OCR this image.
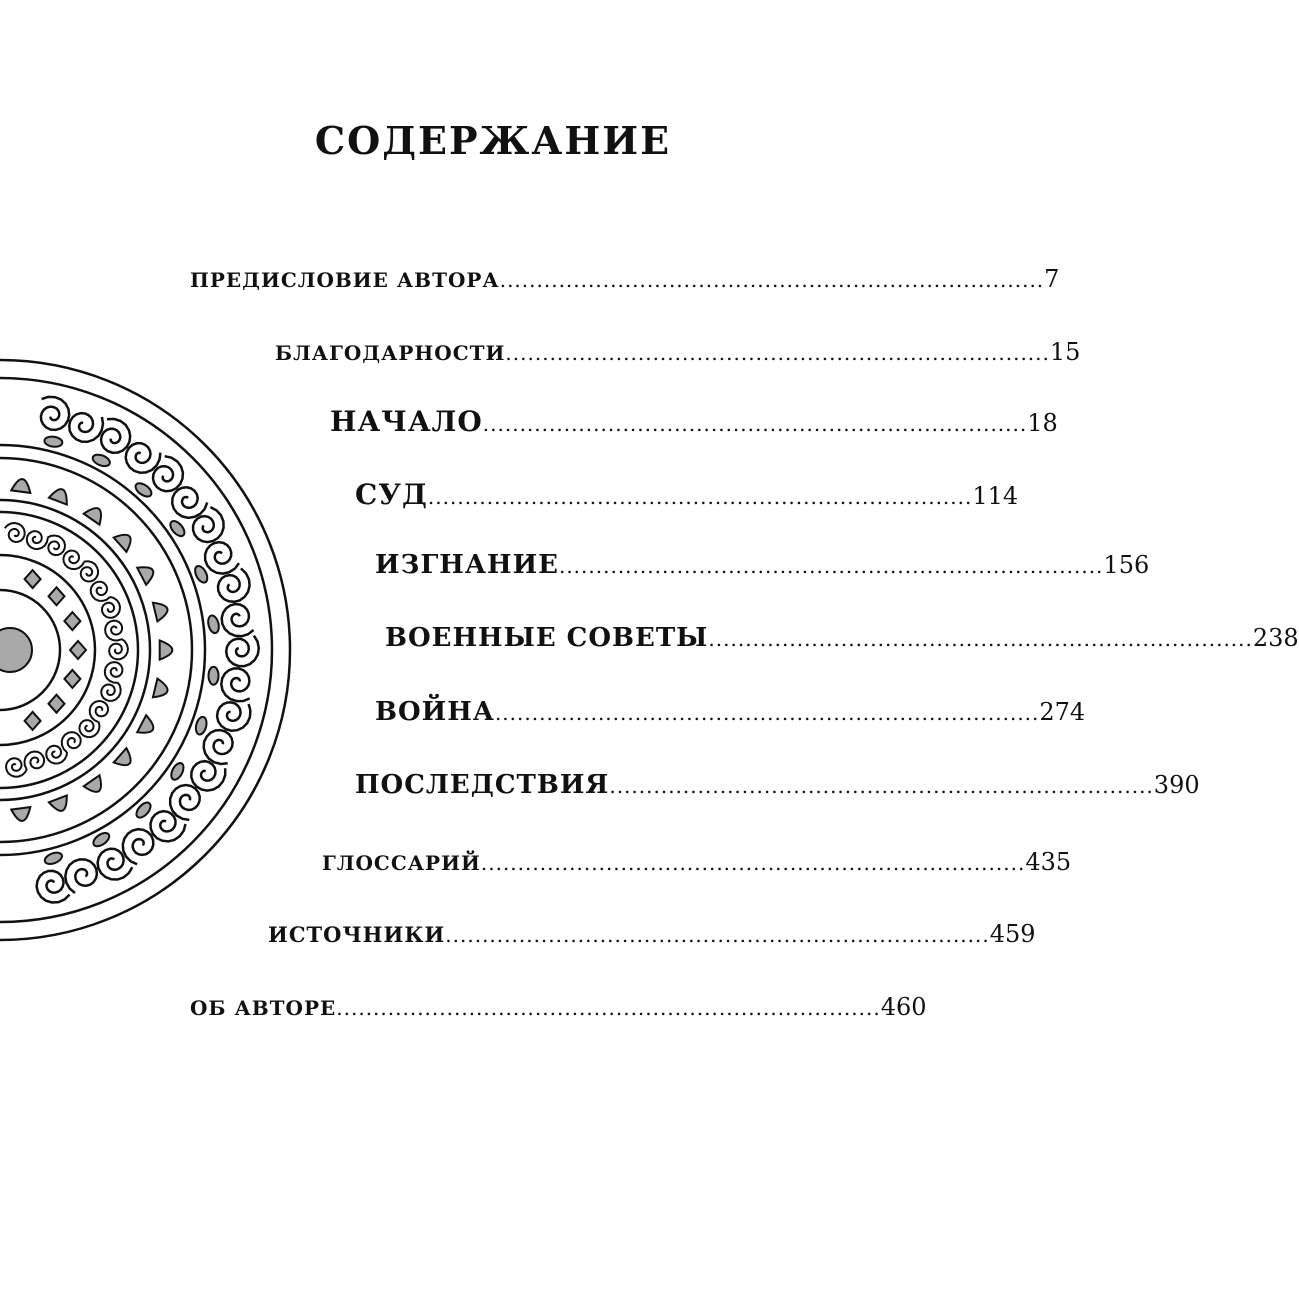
СОДЕРЖАНИЕ
ПРЕДИСЛОВИЕ АВТОРА .......................................................................... 7
БЛАГОДАРНОСТИ .......................................................................... 15
НАЧАЛО .......................................................................... 18
СУД .......................................................................... 114
ИЗГНАНИЕ .......................................................................... 156
ВОЕННЫЕ СОВЕТЫ .......................................................................... 238
ВОЙНА .......................................................................... 274
ПОСЛЕДСТВИЯ .......................................................................... 390
ГЛОССАРИЙ .......................................................................... 435
ИСТОЧНИКИ .......................................................................... 459
ОБ АВТОРЕ .......................................................................... 460
